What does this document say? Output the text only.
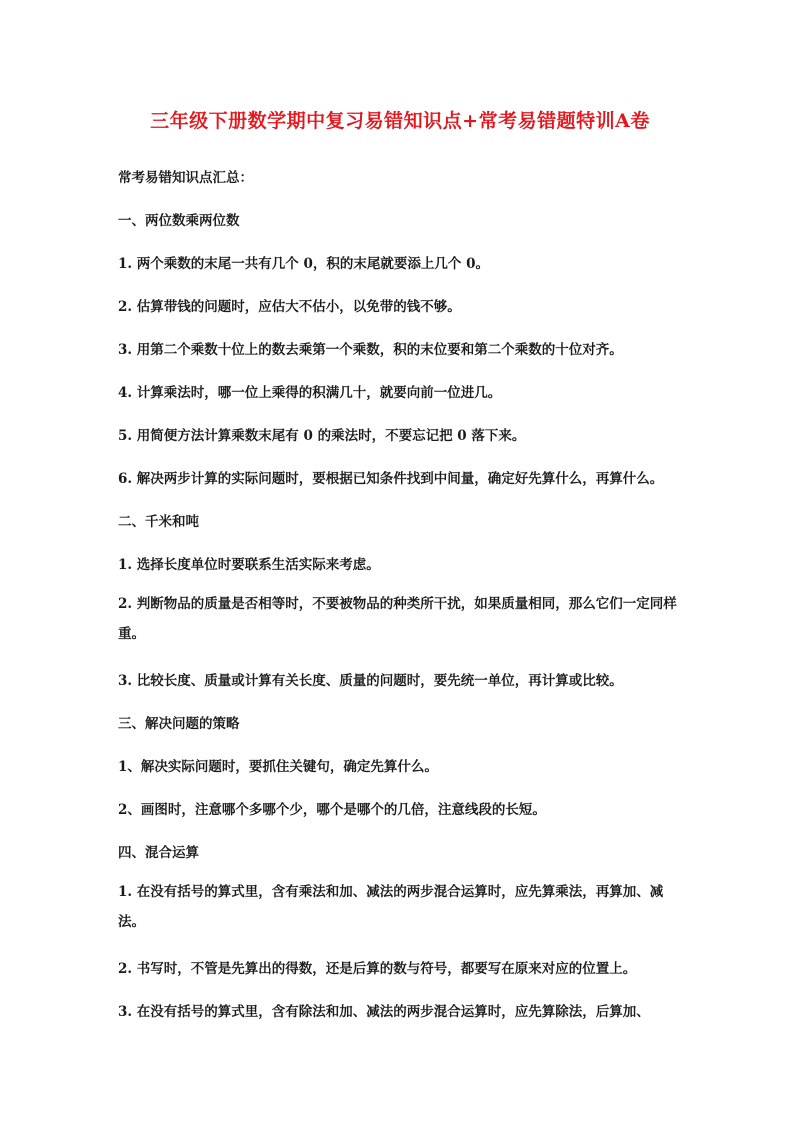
三年级下册数学期中复习易错知识点+常考易错题特训A卷

常考易错知识点汇总：

一、两位数乘两位数

1. 两个乘数的末尾一共有几个 0，积的末尾就要添上几个 0。

2. 估算带钱的问题时，应估大不估小，以免带的钱不够。

3. 用第二个乘数十位上的数去乘第一个乘数，积的末位要和第二个乘数的十位对齐。

4. 计算乘法时，哪一位上乘得的积满几十，就要向前一位进几。

5. 用简便方法计算乘数末尾有 0 的乘法时，不要忘记把 0 落下来。

6. 解决两步计算的实际问题时，要根据已知条件找到中间量，确定好先算什么，再算什么。

二、千米和吨

1. 选择长度单位时要联系生活实际来考虑。

2. 判断物品的质量是否相等时，不要被物品的种类所干扰，如果质量相同，那么它们一定同样重。

3. 比较长度、质量或计算有关长度、质量的问题时，要先统一单位，再计算或比较。

三、解决问题的策略

1、解决实际问题时，要抓住关键句，确定先算什么。

2、画图时，注意哪个多哪个少，哪个是哪个的几倍，注意线段的长短。

四、混合运算

1. 在没有括号的算式里，含有乘法和加、减法的两步混合运算时，应先算乘法，再算加、减法。

2. 书写时，不管是先算出的得数，还是后算的数与符号，都要写在原来对应的位置上。

3. 在没有括号的算式里，含有除法和加、减法的两步混合运算时，应先算除法，后算加、
